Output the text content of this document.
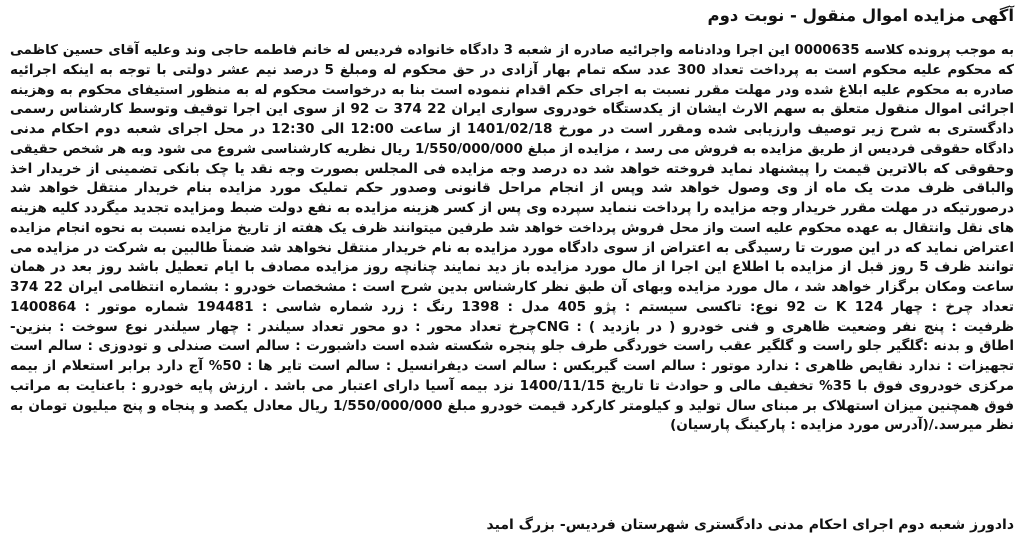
آگهی مزایده اموال منقول - نوبت دوم
به موجب پرونده کلاسه 0000635 این اجرا ودادنامه واجرائیه صادره از شعبه 3 دادگاه خانواده فردیس له خانم فاطمه حاجی وند وعلیه آقای حسین کاظمی
که محکوم علیه محکوم است به پرداخت تعداد 300 عدد سکه تمام بهار آزادی در حق محکوم له ومبلغ 5 درصد نیم عشر دولتی با توجه به اینکه اجرائیه
صادره به محکوم علیه ابلاغ شده ودر مهلت مقرر نسبت به اجرای حکم اقدام ننموده است بنا به درخواست محکوم له به منظور استیفای محکوم به وهزینه
اجرائی اموال منقول متعلق به سهم الارث ایشان از یکدستگاه خودروی سواری ایران 22 374 ت 92 از سوی این اجرا توقیف وتوسط کارشناس رسمی
دادگستری به شرح زیر توصیف وارزیابی شده ومقرر است در مورخ 1401/02/18 از ساعت 12:00 الی 12:30 در محل اجرای شعبه دوم احکام مدنی
دادگاه حقوقی فردیس از طریق مزایده به فروش می رسد ، مزایده از مبلغ 1/550/000/000 ریال نظریه کارشناسی شروع می شود وبه هر شخص حقیقی
وحقوقی که بالاترین قیمت را پیشنهاد نماید فروخته خواهد شد ده درصد وجه مزایده فی المجلس بصورت وجه نقد یا چک بانکی تضمینی از خریدار اخذ
والباقی ظرف مدت یک ماه از وی وصول خواهد شد وپس از انجام مراحل قانونی وصدور حکم تملیک مورد مزایده بنام خریدار منتقل خواهد شد
درصورتیکه در مهلت مقرر خریدار وجه مزایده را پرداخت ننماید سپرده وی پس از کسر هزینه مزایده به نفع دولت ضبط ومزایده تجدید میگردد کلیه هزینه
های نقل وانتقال به عهده محکوم علیه است واز محل فروش پرداخت خواهد شد طرفین میتوانند ظرف یک هفته از تاریخ مزایده نسبت به نحوه انجام مزایده
اعتراض نماید که در این صورت تا رسیدگی به اعتراض از سوی دادگاه مورد مزایده به نام خریدار منتقل نخواهد شد ضمناً طالبین به شرکت در مزایده می
توانند ظرف 5 روز قبل از مزایده با اطلاع این اجرا از مال مورد مزایده باز دید نمایند چنانچه روز مزایده مصادف با ایام تعطیل باشد روز بعد در همان
ساعت ومکان برگزار خواهد شد ، مال مورد مزایده وبهای آن طبق نظر کارشناس بدین شرح است : مشخصات خودرو : بشماره انتظامی ایران 22 374
تعداد چرخ : چهار 124 K ت 92 نوع: تاکسی سیستم : پژو 405 مدل : 1398 رنگ : زرد شماره شاسی : 194481 شماره موتور : 1400864
ظرفیت : پنج نفر وضعیت ظاهری و فنی خودرو ( در بازدید ) : CNGچرخ تعداد محور : دو محور تعداد سیلندر : چهار سیلندر نوع سوخت : بنزین-
اطاق و بدنه :گلگیر جلو راست و گلگیر عقب راست خوردگی طرف جلو پنجره شکسته شده است داشبورت : سالم است صندلی و تودوزی : سالم است
تجهیزات : ندارد نقایص ظاهری : ندارد موتور : سالم است گیربکس : سالم است دیفرانسیل : سالم است تایر ها : 50% آج دارد برابر استعلام از بیمه
مرکزی خودروی فوق با 35% تخفیف مالی و حوادث تا تاریخ 1400/11/15 نزد بیمه آسیا دارای اعتبار می باشد . ارزش پایه خودرو : باعنایت به مراتب
فوق همچنین میزان استهلاک بر مبنای سال تولید و کیلومتر کارکرد قیمت خودرو مبلغ 1/550/000/000 ریال معادل یکصد و پنجاه و پنج میلیون تومان به
نظر میرسد./(آدرس مورد مزایده : پارکینگ پارسیان)
دادورز شعبه دوم اجرای احکام مدنی دادگستری شهرستان فردیس- بزرگ امید
